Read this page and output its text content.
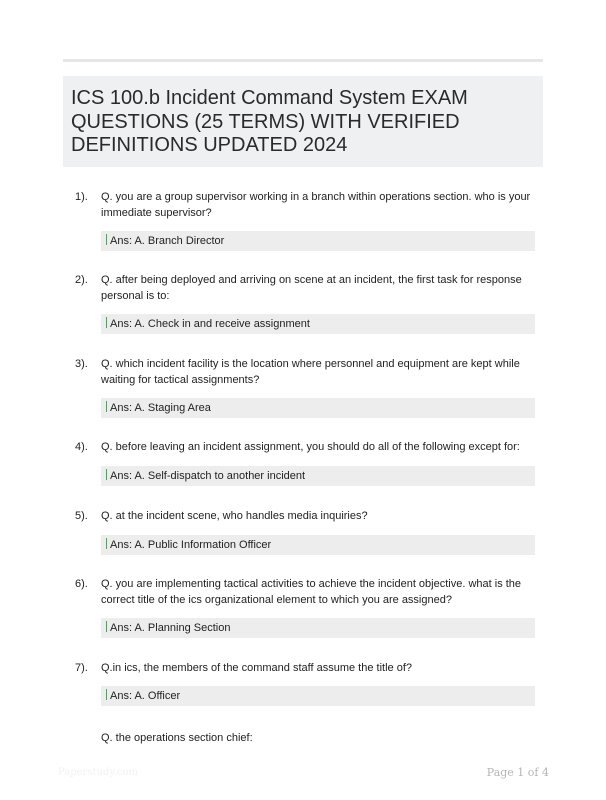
ICS 100.b Incident Command System EXAM QUESTIONS (25 TERMS) WITH VERIFIED DEFINITIONS UPDATED 2024
1). Q. you are a group supervisor working in a branch within operations section. who is your immediate supervisor?
Ans: A. Branch Director
2). Q. after being deployed and arriving on scene at an incident, the first task for response personal is to:
Ans: A. Check in and receive assignment
3). Q. which incident facility is the location where personnel and equipment are kept while waiting for tactical assignments?
Ans: A. Staging Area
4). Q. before leaving an incident assignment, you should do all of the following except for:
Ans: A. Self-dispatch to another incident
5). Q. at the incident scene, who handles media inquiries?
Ans: A. Public Information Officer
6). Q. you are implementing tactical activities to achieve the incident objective. what is the correct title of the ics organizational element to which you are assigned?
Ans: A. Planning Section
7). Q.in ics, the members of the command staff assume the title of?
Ans: A. Officer
Q. the operations section chief:
Paperstudy.com	Page 1 of 4
